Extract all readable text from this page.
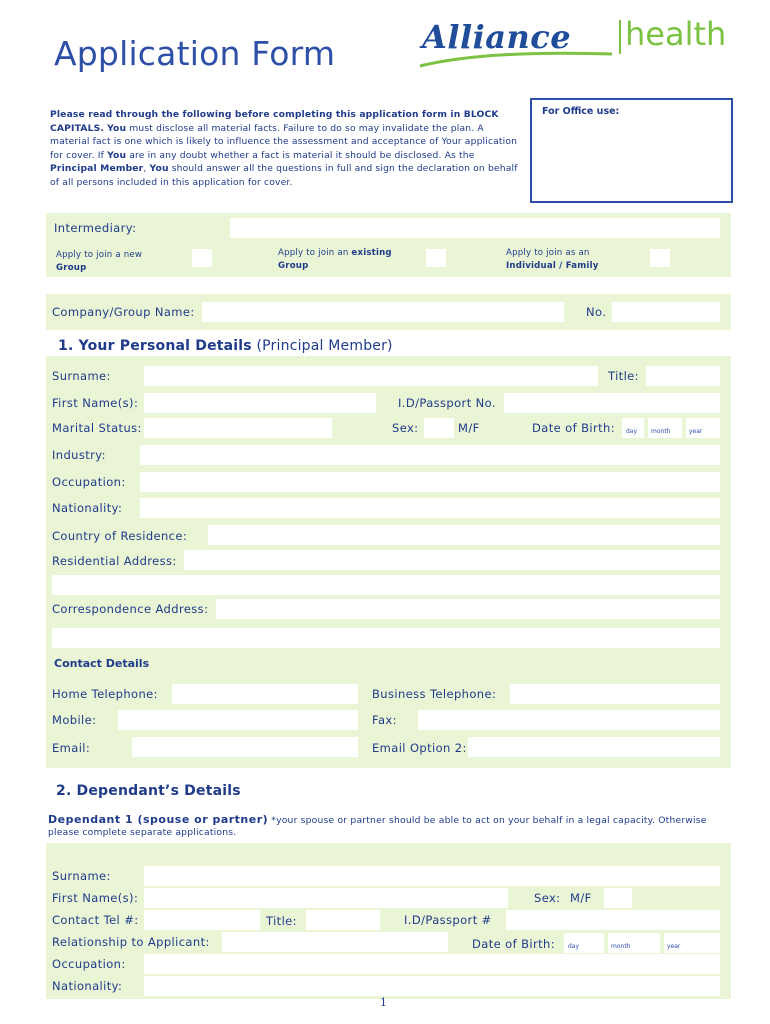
Application Form	Alliance health
Please read through the following before completing this application form in BLOCK CAPITALS. You must disclose all material facts. Failure to do so may invalidate the plan. A material fact is one which is likely to influence the assessment and acceptance of Your application for cover. If You are in any doubt whether a fact is material it should be disclosed. As the Principal Member, You should answer all the questions in full and sign the declaration on behalf of all persons included in this application for cover.
For Office use:
Intermediary:
Apply to join a new
Group
Apply to join an existing
Group
Apply to join as an
Individual / Family
Company/Group Name:	No.
1. Your Personal Details (Principal Member)
Surname:	Title:
First Name(s):	I.D/Passport No.
Marital Status:	Sex:	M/F	Date of Birth: day month	year
Industry:
Occupation:
Nationality:
Country of Residence:
Residential Address:
Correspondence Address:
Contact Details
Home Telephone:	Business Telephone:
Mobile:	Fax:
Email:	Email Option 2:
2. Dependant’s Details
Dependant 1 (spouse or partner) *your spouse or partner should be able to act on your behalf in a legal capacity. Otherwise please complete separate applications.
Surname:
First Name(s):	Sex: M/F
Contact Tel #:	Title:	I.D/Passport #
Relationship to Applicant:	Date of Birth: day	month	year
Occupation:
Nationality:
1
